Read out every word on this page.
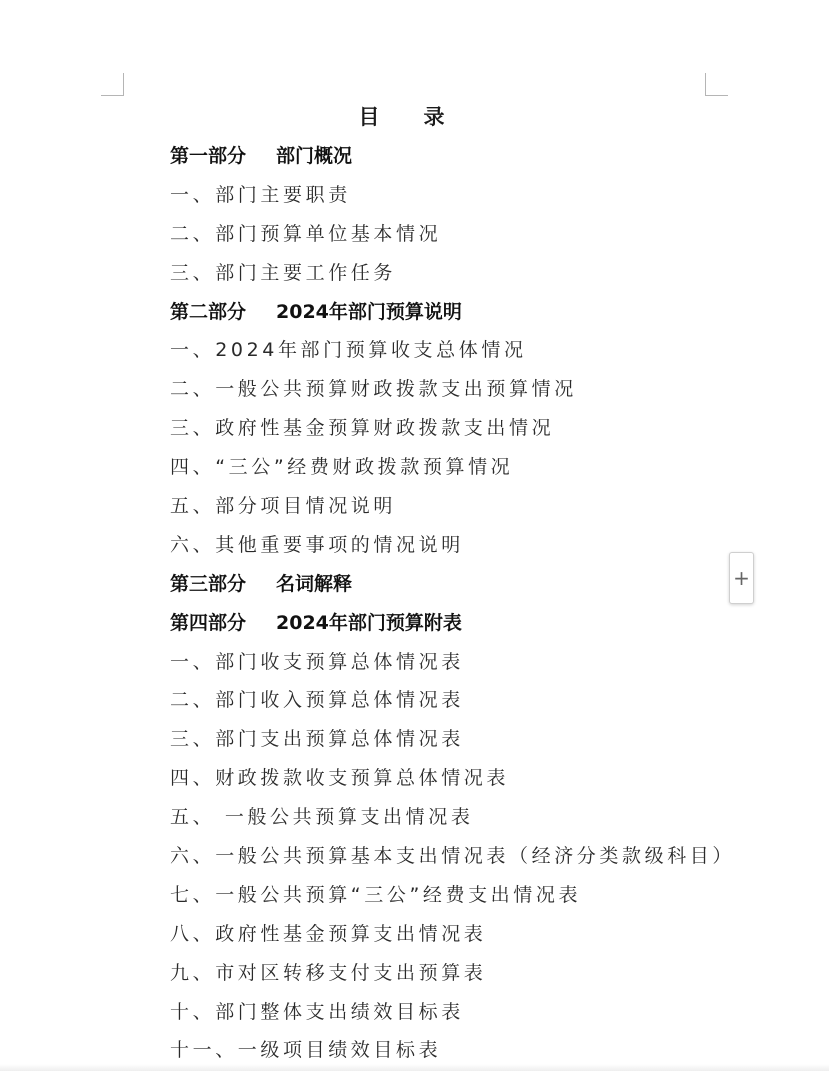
目录
第一部分 部门概况
一、部门主要职责
二、部门预算单位基本情况
三、部门主要工作任务
第二部分 2024年部门预算说明
一、2024年部门预算收支总体情况
二、一般公共预算财政拨款支出预算情况
三、政府性基金预算财政拨款支出情况
四、“三公”经费财政拨款预算情况
五、部分项目情况说明
六、其他重要事项的情况说明
第三部分 名词解释
第四部分 2024年部门预算附表
一、部门收支预算总体情况表
二、部门收入预算总体情况表
三、部门支出预算总体情况表
四、财政拨款收支预算总体情况表
五、 一般公共预算支出情况表
六、一般公共预算基本支出情况表（经济分类款级科目）
七、一般公共预算“三公”经费支出情况表
八、政府性基金预算支出情况表
九、市对区转移支付支出预算表
十、部门整体支出绩效目标表
十一、一级项目绩效目标表
+
